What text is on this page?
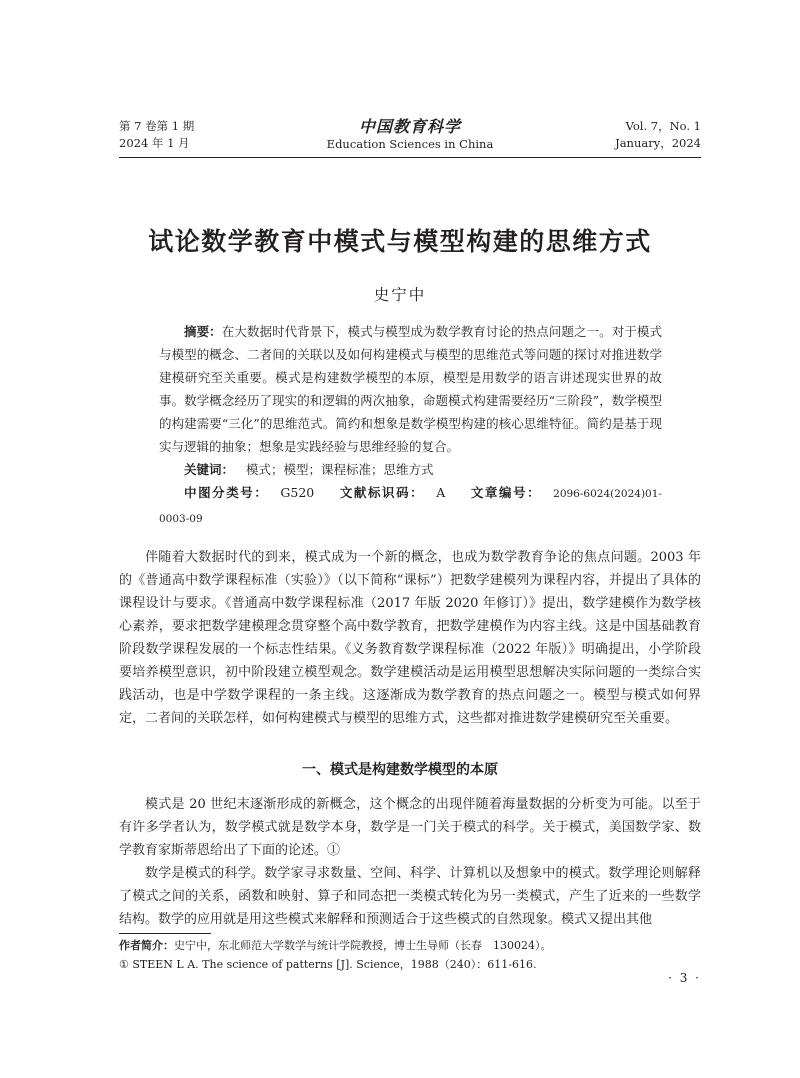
第 7 卷第 1 期
2024 年 1 月
中国教育科学
Education Sciences in China
Vol. 7，No. 1
January，2024
试论数学教育中模式与模型构建的思维方式
史宁中

摘要：在大数据时代背景下，模式与模型成为数学教育讨论的热点问题之一。对于模式与模型的概念、二者间的关联以及如何构建模式与模型的思维范式等问题的探讨对推进数学建模研究至关重要。模式是构建数学模型的本原，模型是用数学的语言讲述现实世界的故事。数学概念经历了现实的和逻辑的两次抽象，命题模式构建需要经历“三阶段”，数学模型的构建需要“三化”的思维范式。简约和想象是数学模型构建的核心思维特征。简约是基于现实与逻辑的抽象；想象是实践经验与思维经验的复合。

关键词： 模式；模型；课程标准；思维方式

中图分类号： G520 文献标识码： A 文章编号： 2096-6024(2024)01-0003-09

伴随着大数据时代的到来，模式成为一个新的概念，也成为数学教育争论的焦点问题。2003 年的《普通高中数学课程标准（实验）》（以下简称“课标”）把数学建模列为课程内容，并提出了具体的课程设计与要求。《普通高中数学课程标准（2017 年版 2020 年修订）》提出，数学建模作为数学核心素养，要求把数学建模理念贯穿整个高中数学教育，把数学建模作为内容主线。这是中国基础教育阶段数学课程发展的一个标志性结果。《义务教育数学课程标准（2022 年版）》明确提出，小学阶段要培养模型意识，初中阶段建立模型观念。数学建模活动是运用模型思想解决实际问题的一类综合实践活动，也是中学数学课程的一条主线。这逐渐成为数学教育的热点问题之一。模型与模式如何界定，二者间的关联怎样，如何构建模式与模型的思维方式，这些都对推进数学建模研究至关重要。

一、模式是构建数学模型的本原

模式是 20 世纪末逐渐形成的新概念，这个概念的出现伴随着海量数据的分析变为可能。以至于有许多学者认为，数学模式就是数学本身，数学是一门关于模式的科学。关于模式，美国数学家、数学教育家斯蒂恩给出了下面的论述。①

数学是模式的科学。数学家寻求数量、空间、科学、计算机以及想象中的模式。数学理论则解释了模式之间的关系，函数和映射、算子和同态把一类模式转化为另一类模式，产生了近来的一些数学结构。数学的应用就是用这些模式来解释和预测适合于这些模式的自然现象。模式又提出其他

作者简介：史宁中，东北师范大学数学与统计学院教授，博士生导师（长春　130024）。

① STEEN L A. The science of patterns [J]. Science，1988（240）：611-616.

· 3 ·
